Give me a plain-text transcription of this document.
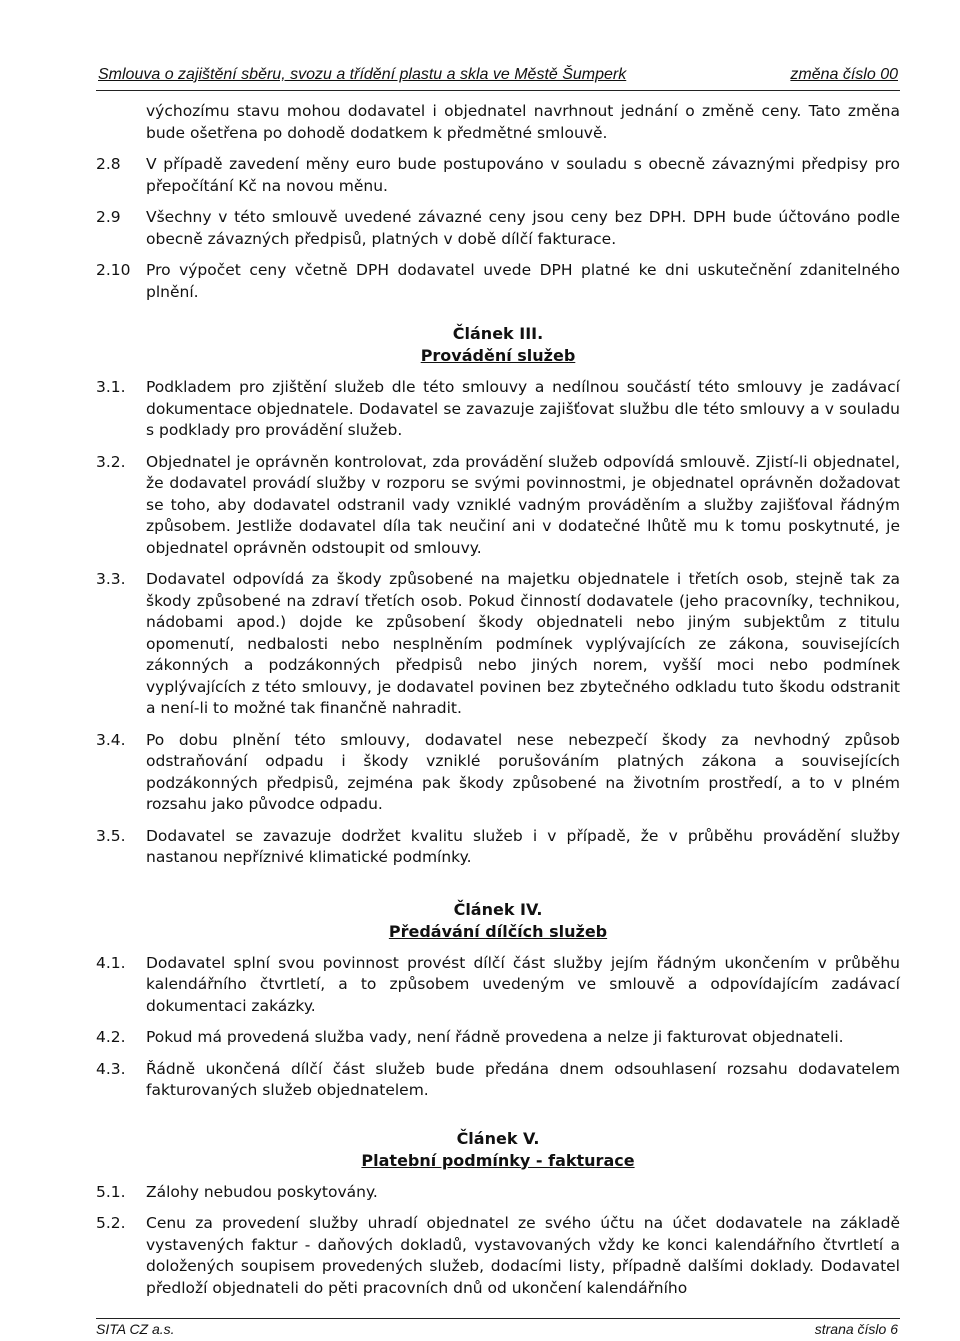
Smlouva o zajištění sběru, svozu a třídění plastu a skla ve Městě Šumperk	změna číslo 00
výchozímu stavu mohou dodavatel i objednatel navrhnout jednání o změně ceny. Tato změna bude ošetřena po dohodě dodatkem k předmětné smlouvě.
2.8	V případě zavedení měny euro bude postupováno v souladu s obecně závaznými předpisy pro přepočítání Kč na novou měnu.
2.9	Všechny v této smlouvě uvedené závazné ceny jsou ceny bez DPH. DPH bude účtováno podle obecně závazných předpisů, platných v době dílčí fakturace.
2.10 Pro výpočet ceny včetně DPH dodavatel uvede DPH platné ke dni uskutečnění zdanitelného plnění.
Článek III.
Provádění služeb
3.1.	Podkladem pro zjištění služeb dle této smlouvy a nedílnou součástí této smlouvy je zadávací dokumentace objednatele. Dodavatel se zavazuje zajišťovat službu dle této smlouvy a v souladu s podklady pro provádění služeb.
3.2.	Objednatel je oprávněn kontrolovat, zda provádění služeb odpovídá smlouvě. Zjistí-li objednatel, že dodavatel provádí služby v rozporu se svými povinnostmi, je objednatel oprávněn dožadovat se toho, aby dodavatel odstranil vady vzniklé vadným prováděním a služby zajišťoval řádným způsobem. Jestliže dodavatel díla tak neučiní ani v dodatečné lhůtě mu k tomu poskytnuté, je objednatel oprávněn odstoupit od smlouvy.
3.3.	Dodavatel odpovídá za škody způsobené na majetku objednatele i třetích osob, stejně tak za škody způsobené na zdraví třetích osob. Pokud činností dodavatele (jeho pracovníky, technikou, nádobami apod.) dojde ke způsobení škody objednateli nebo jiným subjektům z titulu opomenutí, nedbalosti nebo nesplněním podmínek vyplývajících ze zákona, souvisejících zákonných a podzákonných předpisů nebo jiných norem, vyšší moci nebo podmínek vyplývajících z této smlouvy, je dodavatel povinen bez zbytečného odkladu tuto škodu odstranit a není-li to možné tak finančně nahradit.
3.4.	Po dobu plnění této smlouvy, dodavatel nese nebezpečí škody za nevhodný způsob odstraňování odpadu i škody vzniklé porušováním platných zákona a souvisejících podzákonných předpisů, zejména pak škody způsobené na životním prostředí, a to v plném rozsahu jako původce odpadu.
3.5.	Dodavatel se zavazuje dodržet kvalitu služeb i v případě, že v průběhu provádění služby nastanou nepříznivé klimatické podmínky.
Článek IV.
Předávání dílčích služeb
4.1.	Dodavatel splní svou povinnost provést dílčí část služby jejím řádným ukončením v průběhu kalendářního čtvrtletí, a to způsobem uvedeným ve smlouvě a odpovídajícím zadávací dokumentaci zakázky.
4.2.	Pokud má provedená služba vady, není řádně provedena a nelze ji fakturovat objednateli.
4.3.	Řádně ukončená dílčí část služeb bude předána dnem odsouhlasení rozsahu dodavatelem fakturovaných služeb objednatelem.
Článek V.
Platební podmínky - fakturace
5.1.	Zálohy nebudou poskytovány.
5.2.	Cenu za provedení služby uhradí objednatel ze svého účtu na účet dodavatele na základě vystavených faktur - daňových dokladů, vystavovaných vždy ke konci kalendářního čtvrtletí a doložených soupisem provedených služeb, dodacími listy, případně dalšími doklady. Dodavatel předloží objednateli do pěti pracovních dnů od ukončení kalendářního
SITA CZ a.s.	strana číslo 6
